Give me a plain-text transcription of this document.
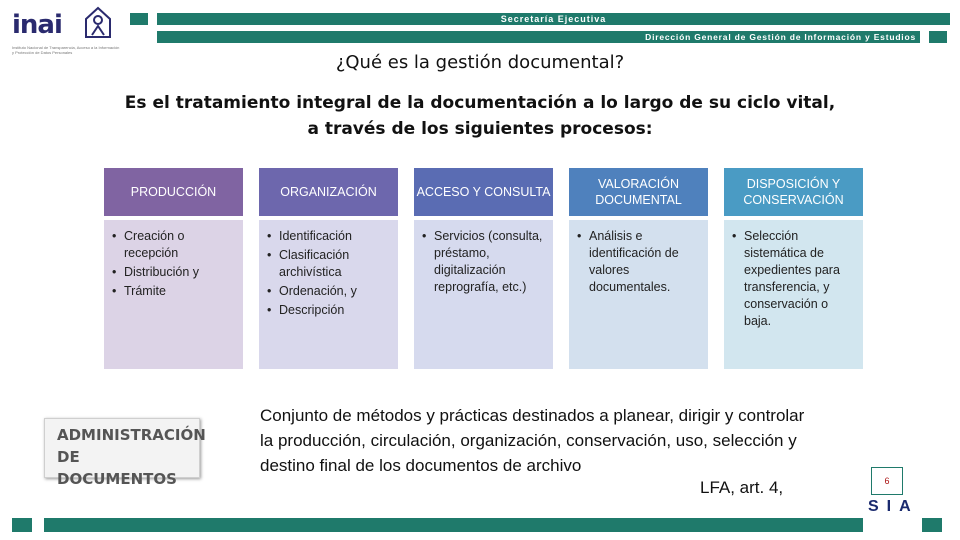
inai
Instituto Nacional de Transparencia, Acceso a la Información y Protección de Datos Personales
Secretaría Ejecutiva
Dirección General de Gestión de Información y Estudios
¿Qué es la gestión documental?
Es el tratamiento integral de la documentación a lo largo de su ciclo vital, a través de los siguientes procesos:
PRODUCCIÓN
• Creación o recepción
• Distribución y
• Trámite
ORGANIZACIÓN
• Identificación
• Clasificación archivística
• Ordenación, y
• Descripción
ACCESO Y CONSULTA
• Servicios (consulta, préstamo, digitalización reprografía, etc.)
VALORACIÓN DOCUMENTAL
• Análisis e identificación de valores documentales.
DISPOSICIÓN Y CONSERVACIÓN
• Selección sistemática de expedientes para transferencia, y conservación o baja.
ADMINISTRACIÓN
DE DOCUMENTOS
Conjunto de métodos y prácticas destinados a planear, dirigir y controlar la producción, circulación, organización, conservación, uso, selección y destino final de los documentos de archivo
LFA, art. 4,	6
SIA
